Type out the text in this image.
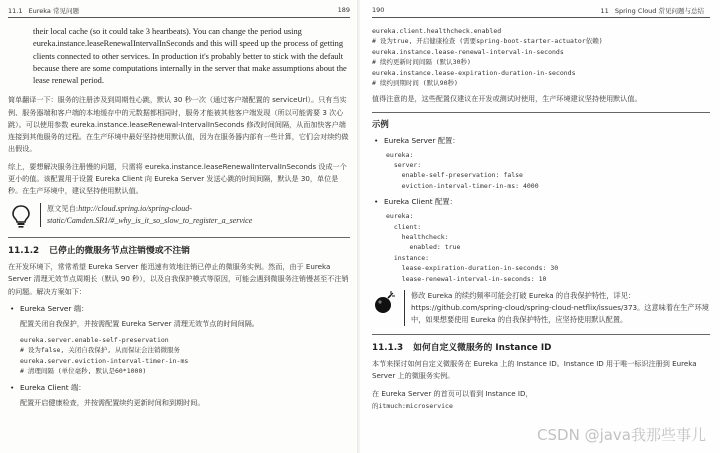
11.1 Eureka 常见问题	189

their local cache (so it could take 3 heartbeats). You can change the period using eureka.instance.leaseRenewalIntervalInSeconds and this will speed up the process of getting clients connected to other services. In production it's probably better to stick with the default because there are some computations internally in the server that make assumptions about the lease renewal period.

简单翻译一下：服务的注册涉及到周期性心跳，默认 30 秒一次（通过客户端配置的 serviceUrl）。只有当实例、服务器端和客户端的本地缓存中的元数据都相同时，服务才能被其他客户端发现（所以可能需要 3 次心跳）。可以使用参数 eureka.instance.leaseRenewal-IntervalInSeconds 修改时间间隔，从而加快客户端连接到其他服务的过程。在生产环境中最好坚持使用默认值，因为在服务器内部有一些计算，它们会对续约做出假设。

综上，要想解决服务注册慢的问题，只需将 eureka.instance.leaseRenewalIntervalInSeconds 设成一个更小的值。该配置用于设置 Eureka Client 向 Eureka Server 发送心跳的时间间隔，默认是 30，单位是秒。在生产环境中，建议坚持使用默认值。

原文见自:http://cloud.spring.io/spring-cloud-static/Camden.SR1/#_why_is_it_so_slow_to_register_a_service
11.1.2 已停止的微服务节点注销慢或不注销

在开发环境下，常常希望 Eureka Server 能迅速有效地注销已停止的微服务实例。然而，由于 Eureka Server 清理无效节点周期长（默认 90 秒），以及自我保护模式等原因，可能会遇到微服务注销慢甚至不注销的问题。解决方案如下：

• Eureka Server 端：

配置关闭自我保护，并按需配置 Eureka Server 清理无效节点的时间间隔。

eureka.server.enable-self-preservation
# 设为false, 关闭自我保护, 从而保证会注销微服务
eureka.server.eviction-interval-timer-in-ms
# 清理间隔 (单位毫秒, 默认是60*1000)
• Eureka Client 端：

配置开启健康检查，并按需配置续约更新时间和到期时间。

190	11 Spring Cloud 常见问题与总结
eureka.client.healthcheck.enabled
# 设为true, 开启健康检查 (需要spring-boot-starter-actuator依赖)
eureka.instance.lease-renewal-interval-in-seconds
# 续约更新时间间隔 (默认30秒)
eureka.instance.lease-expiration-duration-in-seconds
# 续约到期时间 (默认90秒)

值得注意的是，这些配置仅建议在开发或测试时使用，生产环境建议坚持使用默认值。

示例
• Eureka Server 配置：
eureka:
server:
enable-self-preservation: false
eviction-interval-timer-in-ms: 4000
• Eureka Client 配置：
eureka:
client:
healthcheck:
enabled: true
instance:
lease-expiration-duration-in-seconds: 30
lease-renewal-interval-in-seconds: 10
修改 Eureka 的续约频率可能会打破 Eureka 的自我保护特性，详见：https://github.com/spring-cloud/spring-cloud-netflix/issues/373。这意味着在生产环境中，如果想要使用 Eureka 的自我保护特性，应坚持使用默认配置。
11.1.3 如何自定义微服务的 Instance ID

本节来探讨如何自定义微服务在 Eureka 上的 Instance ID。Instance ID 用于唯一标识注册到 Eureka Server 上的微服务实例。

在 Eureka Server 的首页可以看到 Instance ID，

的itmuch:microservice
CSDN @java我那些事儿
